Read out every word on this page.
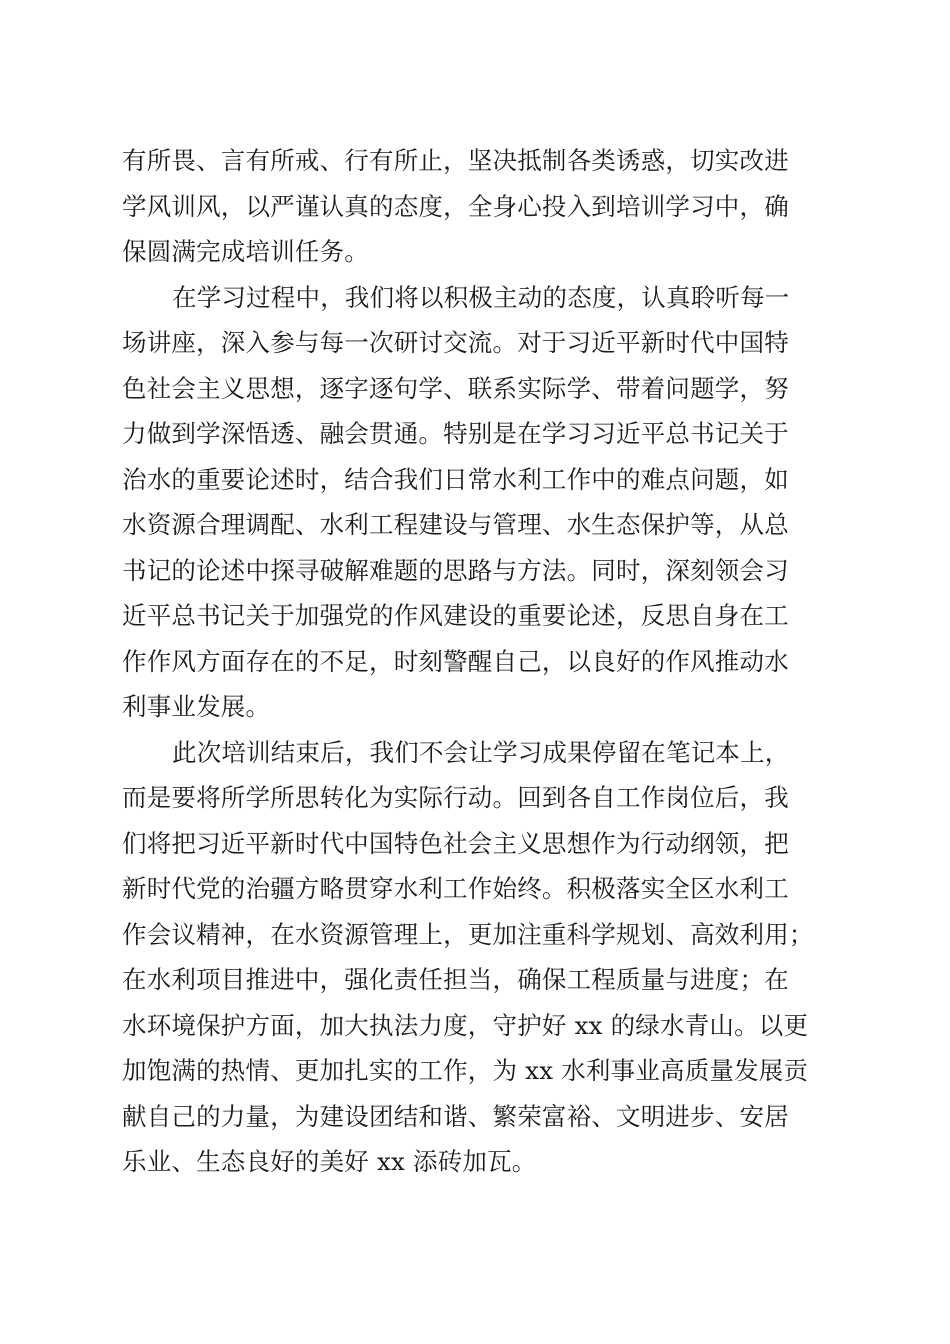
有所畏、言有所戒、行有所止，坚决抵制各类诱惑，切实改进
学风训风，以严谨认真的态度，全身心投入到培训学习中，确
保圆满完成培训任务。
在学习过程中，我们将以积极主动的态度，认真聆听每一
场讲座，深入参与每一次研讨交流。对于习近平新时代中国特
色社会主义思想，逐字逐句学、联系实际学、带着问题学，努
力做到学深悟透、融会贯通。特别是在学习习近平总书记关于
治水的重要论述时，结合我们日常水利工作中的难点问题，如
水资源合理调配、水利工程建设与管理、水生态保护等，从总
书记的论述中探寻破解难题的思路与方法。同时，深刻领会习
近平总书记关于加强党的作风建设的重要论述，反思自身在工
作作风方面存在的不足，时刻警醒自己，以良好的作风推动水
利事业发展。
此次培训结束后，我们不会让学习成果停留在笔记本上，
而是要将所学所思转化为实际行动。回到各自工作岗位后，我
们将把习近平新时代中国特色社会主义思想作为行动纲领，把
新时代党的治疆方略贯穿水利工作始终。积极落实全区水利工
作会议精神，在水资源管理上，更加注重科学规划、高效利用；
在水利项目推进中，强化责任担当，确保工程质量与进度；在
水环境保护方面，加大执法力度，守护好 xx 的绿水青山。以更
加饱满的热情、更加扎实的工作，为 xx 水利事业高质量发展贡
献自己的力量，为建设团结和谐、繁荣富裕、文明进步、安居
乐业、生态良好的美好 xx 添砖加瓦。
